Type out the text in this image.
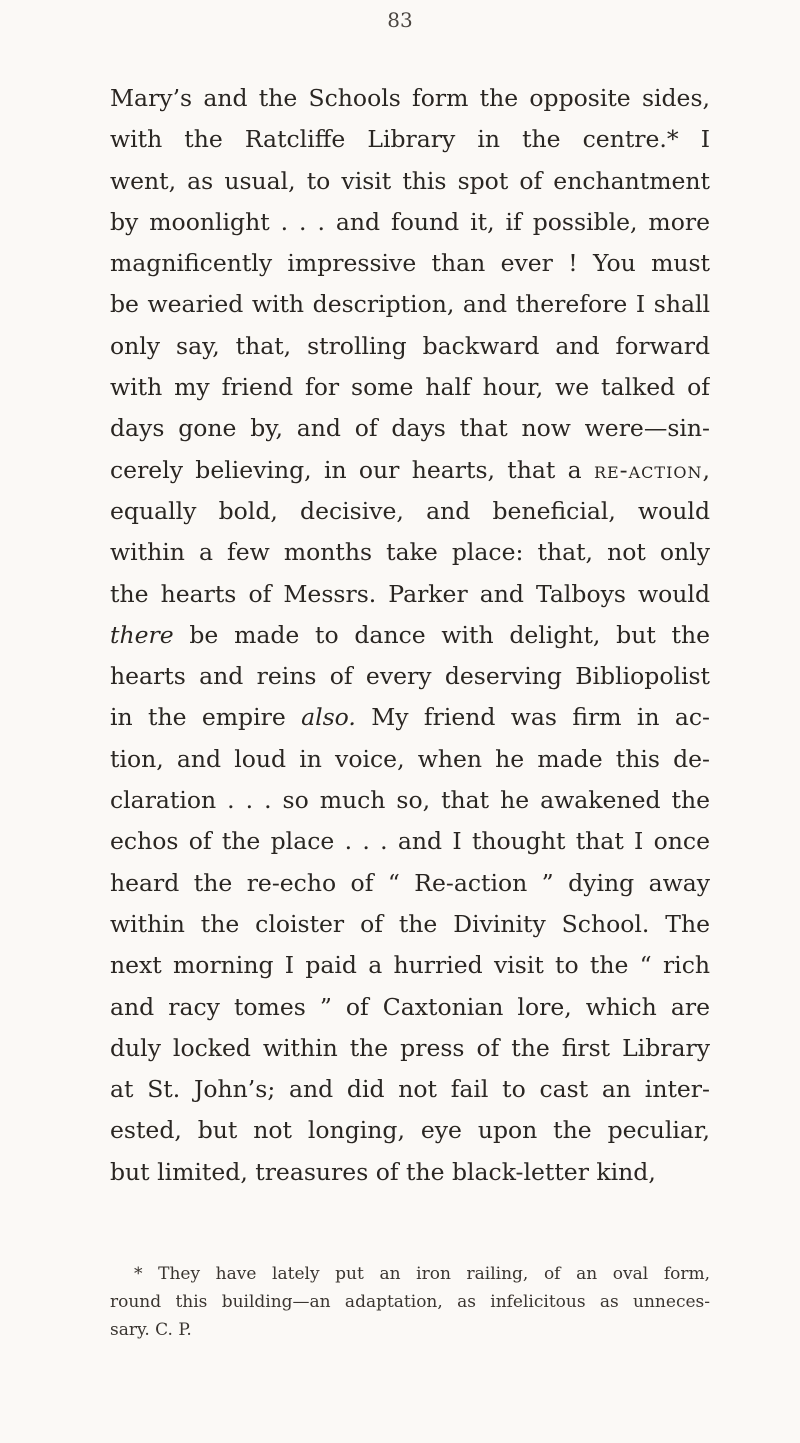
83
Mary’s and the Schools form the opposite sides,
with the Ratcliffe Library in the centre.* I
went, as usual, to visit this spot of enchantment
by moonlight . . . and found it, if possible, more
magnificently impressive than ever ! You must
be wearied with description, and therefore I shall
only say, that, strolling backward and forward
with my friend for some half hour, we talked of
days gone by, and of days that now were—sin-
cerely believing, in our hearts, that a re-action,
equally bold, decisive, and beneficial, would
within a few months take place: that, not only
the hearts of Messrs. Parker and Talboys would
there be made to dance with delight, but the
hearts and reins of every deserving Bibliopolist
in the empire also. My friend was firm in ac-
tion, and loud in voice, when he made this de-
claration . . . so much so, that he awakened the
echos of the place . . . and I thought that I once
heard the re-echo of “ Re-action ” dying away
within the cloister of the Divinity School. The
next morning I paid a hurried visit to the “ rich
and racy tomes ” of Caxtonian lore, which are
duly locked within the press of the first Library
at St. John’s; and did not fail to cast an inter-
ested, but not longing, eye upon the peculiar,
but limited, treasures of the black-letter kind,
* They have lately put an iron railing, of an oval form,
round this building—an adaptation, as infelicitous as unneces-
sary. C. P.
